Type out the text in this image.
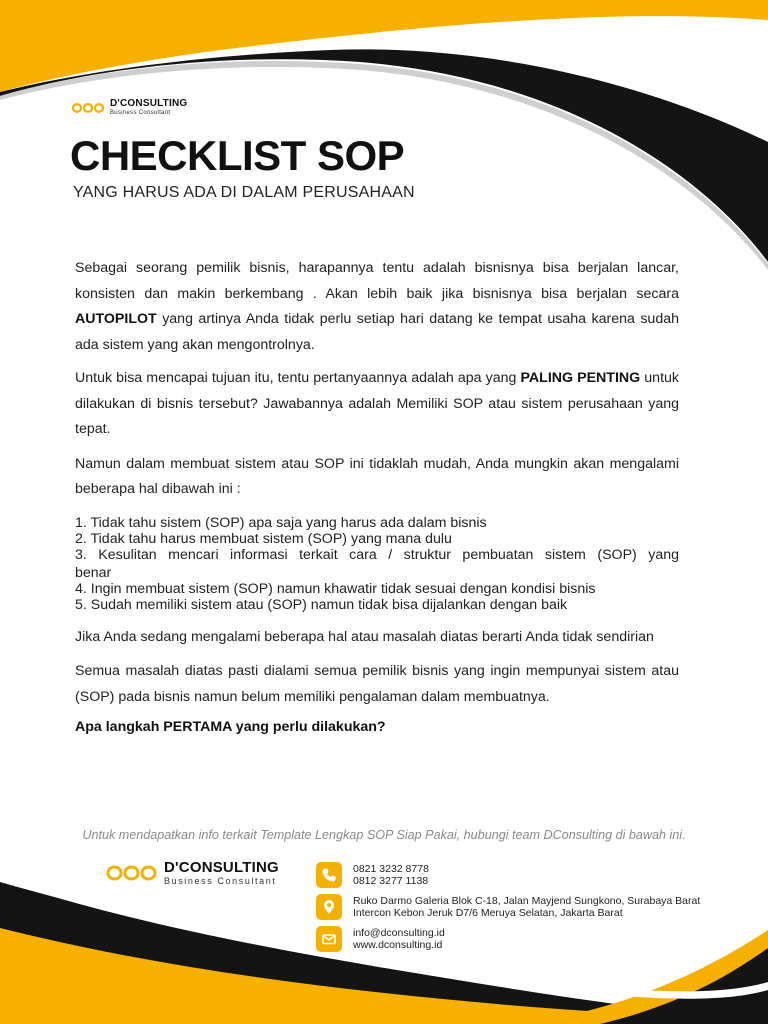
D'CONSULTING
Business Consultant
CHECKLIST SOP
YANG HARUS ADA DI DALAM PERUSAHAAN

Sebagai seorang pemilik bisnis, harapannya tentu adalah bisnisnya bisa berjalan lancar, konsisten dan makin berkembang . Akan lebih baik jika bisnisnya bisa berjalan secara AUTOPILOT yang artinya Anda tidak perlu setiap hari datang ke tempat usaha karena sudah ada sistem yang akan mengontrolnya.

Untuk bisa mencapai tujuan itu, tentu pertanyaannya adalah apa yang PALING PENTING untuk dilakukan di bisnis tersebut? Jawabannya adalah Memiliki SOP atau sistem perusahaan yang tepat.

Namun dalam membuat sistem atau SOP ini tidaklah mudah, Anda mungkin akan mengalami beberapa hal dibawah ini :

1. Tidak tahu sistem (SOP) apa saja yang harus ada dalam bisnis
2. Tidak tahu harus membuat sistem (SOP) yang mana dulu
3. Kesulitan mencari informasi terkait cara / struktur pembuatan sistem (SOP) yang
benar
4. Ingin membuat sistem (SOP) namun khawatir tidak sesuai dengan kondisi bisnis
5. Sudah memiliki sistem atau (SOP) namun tidak bisa dijalankan dengan baik

Jika Anda sedang mengalami beberapa hal atau masalah diatas berarti Anda tidak sendirian

Semua masalah diatas pasti dialami semua pemilik bisnis yang ingin mempunyai sistem atau (SOP) pada bisnis namun belum memiliki pengalaman dalam membuatnya.

Apa langkah PERTAMA yang perlu dilakukan?
Untuk mendapatkan info terkait Template Lengkap SOP Siap Pakai, hubungi team DConsulting di bawah ini.
D'CONSULTING
Business Consultant
0821 3232 8778
0812 3277 1138
Ruko Darmo Galeria Blok C-18, Jalan Mayjend Sungkono, Surabaya Barat
Intercon Kebon Jeruk D7/6 Meruya Selatan, Jakarta Barat
info@dconsulting.id
www.dconsulting.id
